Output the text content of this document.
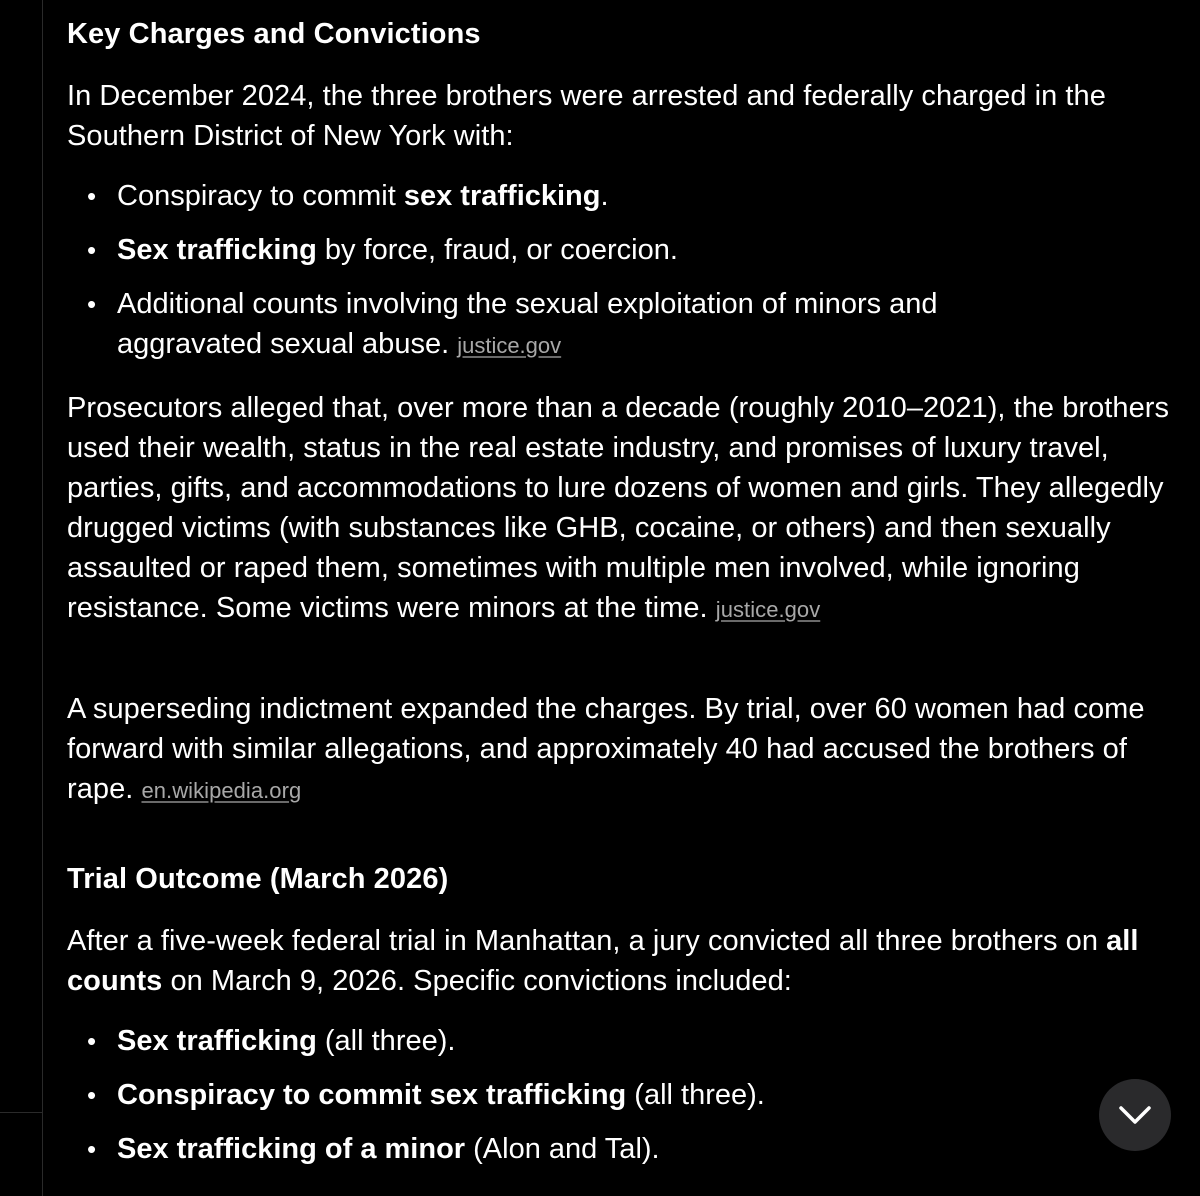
Key Charges and Convictions

In December 2024, the three brothers were arrested and federally charged in the Southern District of New York with:

• Conspiracy to commit sex trafficking.
• Sex trafficking by force, fraud, or coercion.
• Additional counts involving the sexual exploitation of minors and aggravated sexual abuse. justice.gov

Prosecutors alleged that, over more than a decade (roughly 2010–2021), the brothers used their wealth, status in the real estate industry, and promises of luxury travel, parties, gifts, and accommodations to lure dozens of women and girls. They allegedly drugged victims (with substances like GHB, cocaine, or others) and then sexually assaulted or raped them, sometimes with multiple men involved, while ignoring resistance. Some victims were minors at the time. justice.gov

A superseding indictment expanded the charges. By trial, over 60 women had come forward with similar allegations, and approximately 40 had accused the brothers of rape. en.wikipedia.org

Trial Outcome (March 2026)

After a five-week federal trial in Manhattan, a jury convicted all three brothers on all counts on March 9, 2026. Specific convictions included:

• Sex trafficking (all three).
• Conspiracy to commit sex trafficking (all three).
• Sex trafficking of a minor (Alon and Tal).
